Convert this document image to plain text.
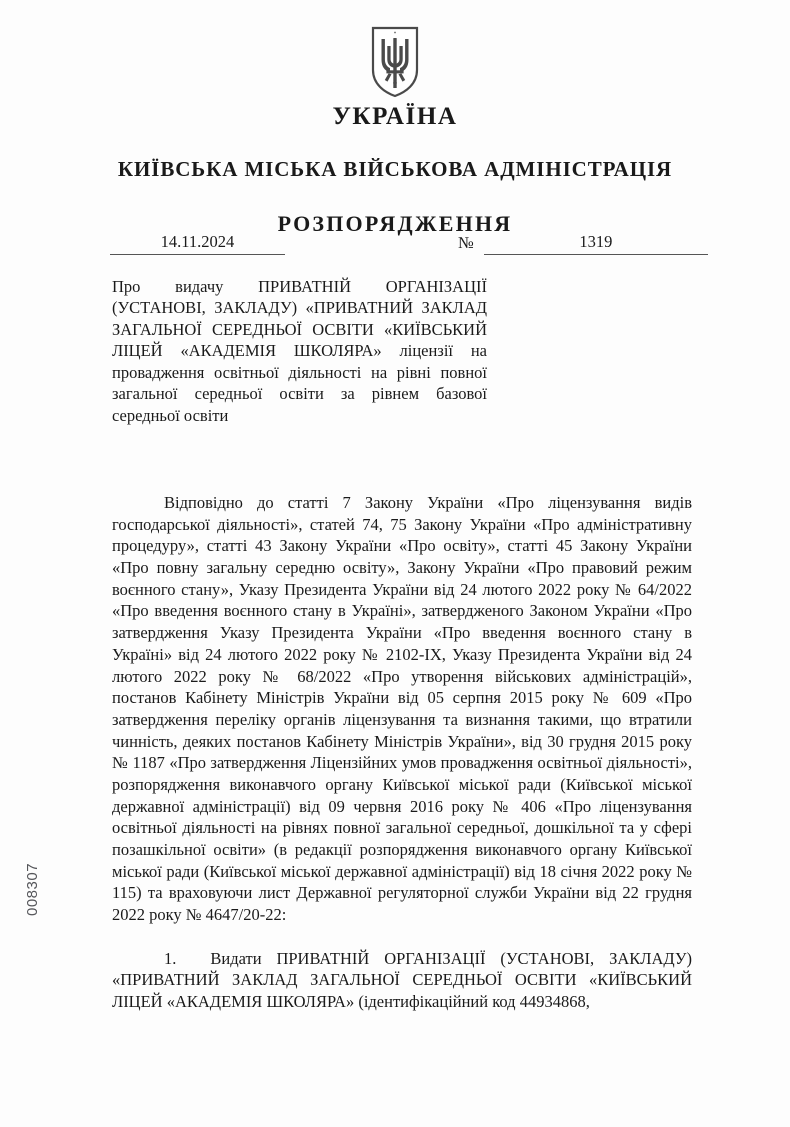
008307
УКРАЇНА
КИЇВСЬКА МІСЬКА ВІЙСЬКОВА АДМІНІСТРАЦІЯ
РОЗПОРЯДЖЕННЯ
14.11.2024	№	1319
Про видачу ПРИВАТНІЙ ОРГАНІЗАЦІЇ (УСТАНОВІ, ЗАКЛАДУ) «ПРИВАТНИЙ ЗАКЛАД ЗАГАЛЬНОЇ СЕРЕДНЬОЇ ОСВІТИ «КИЇВСЬКИЙ ЛІЦЕЙ «АКАДЕМІЯ ШКОЛЯРА» ліцензії на провадження освітньої діяльності на рівні повної загальної середньої освіти за рівнем базової середньої освіти

Відповідно до статті 7 Закону України «Про ліцензування видів господарської діяльності», статей 74, 75 Закону України «Про адміністративну процедуру», статті 43 Закону України «Про освіту», статті 45 Закону України «Про повну загальну середню освіту», Закону України «Про правовий режим воєнного стану», Указу Президента України від 24 лютого 2022 року № 64/2022 «Про введення воєнного стану в Україні», затвердженого Законом України «Про затвердження Указу Президента України «Про введення воєнного стану в Україні» від 24 лютого 2022 року № 2102-IX, Указу Президента України від 24 лютого 2022 року № 68/2022 «Про утворення військових адміністрацій», постанов Кабінету Міністрів України від 05 серпня 2015 року № 609 «Про затвердження переліку органів ліцензування та визнання такими, що втратили чинність, деяких постанов Кабінету Міністрів України», від 30 грудня 2015 року № 1187 «Про затвердження Ліцензійних умов провадження освітньої діяльності», розпорядження виконавчого органу Київської міської ради (Київської міської державної адміністрації) від 09 червня 2016 року № 406 «Про ліцензування освітньої діяльності на рівнях повної загальної середньої, дошкільної та у сфері позашкільної освіти» (в редакції розпорядження виконавчого органу Київської міської ради (Київської міської державної адміністрації) від 18 січня 2022 року № 115) та враховуючи лист Державної регуляторної служби України від 22 грудня 2022 року № 4647/20-22:

1. Видати ПРИВАТНІЙ ОРГАНІЗАЦІЇ (УСТАНОВІ, ЗАКЛАДУ) «ПРИВАТНИЙ ЗАКЛАД ЗАГАЛЬНОЇ СЕРЕДНЬОЇ ОСВІТИ «КИЇВСЬКИЙ ЛІЦЕЙ «АКАДЕМІЯ ШКОЛЯРА» (ідентифікаційний код 44934868,
